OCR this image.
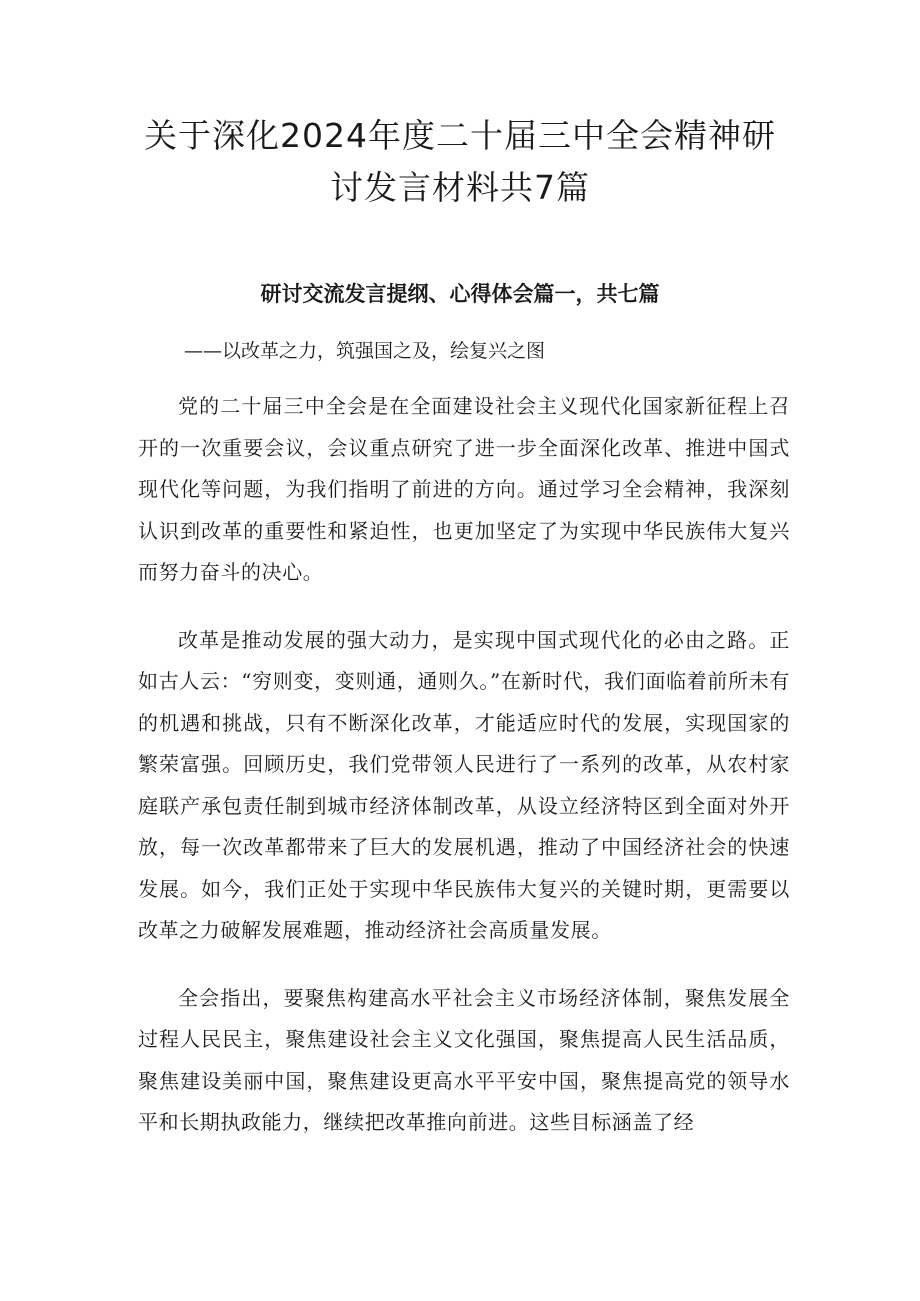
关于深化2024年度二十届三中全会精神研讨发言材料共7篇
研讨交流发言提纲、心得体会篇一，共七篇

——以改革之力，筑强国之及，绘复兴之图

党的二十届三中全会是在全面建设社会主义现代化国家新征程上召开的一次重要会议，会议重点研究了进一步全面深化改革、推进中国式现代化等问题，为我们指明了前进的方向。通过学习全会精神，我深刻认识到改革的重要性和紧迫性，也更加坚定了为实现中华民族伟大复兴而努力奋斗的决心。

改革是推动发展的强大动力，是实现中国式现代化的必由之路。正如古人云：“穷则变，变则通，通则久。”在新时代，我们面临着前所未有的机遇和挑战，只有不断深化改革，才能适应时代的发展，实现国家的繁荣富强。回顾历史，我们党带领人民进行了一系列的改革，从农村家庭联产承包责任制到城市经济体制改革，从设立经济特区到全面对外开放，每一次改革都带来了巨大的发展机遇，推动了中国经济社会的快速发展。如今，我们正处于实现中华民族伟大复兴的关键时期，更需要以改革之力破解发展难题，推动经济社会高质量发展。

全会指出，要聚焦构建高水平社会主义市场经济体制，聚焦发展全过程人民民主，聚焦建设社会主义文化强国，聚焦提高人民生活品质，聚焦建设美丽中国，聚焦建设更高水平平安中国，聚焦提高党的领导水平和长期执政能力，继续把改革推向前进。这些目标涵盖了经
